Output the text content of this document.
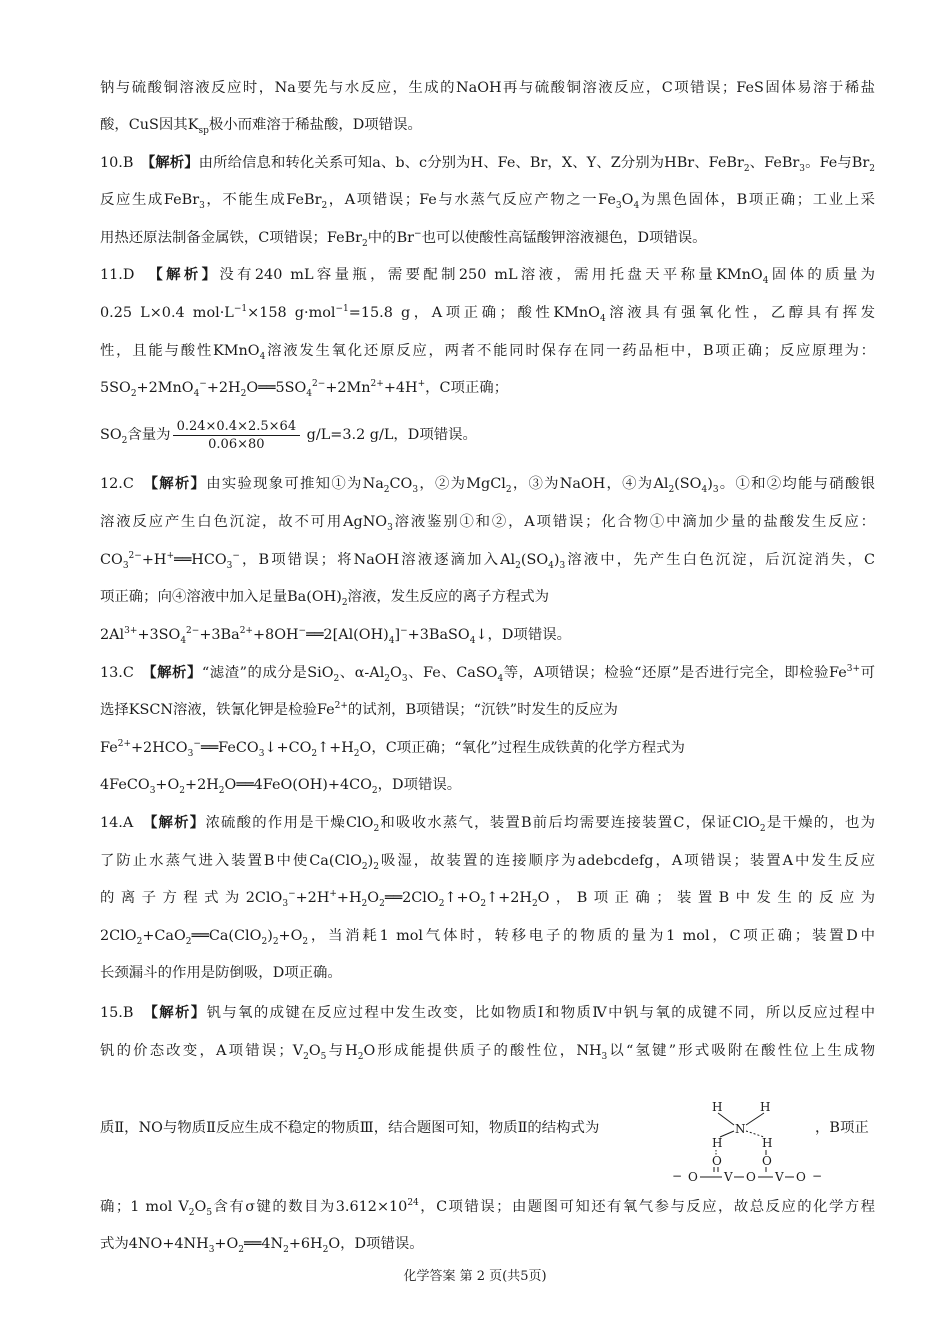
钠与硫酸铜溶液反应时，Na要先与水反应，生成的NaOH再与硫酸铜溶液反应，C项错误；FeS固体易溶于稀盐
酸，CuS因其$K_{sp}$极小而难溶于稀盐酸，D项错误。
10.B　 【解析】由所给信息和转化关系可知a、b、c分别为H、Fe、Br，X、Y、Z分别为HBr、FeBr$_2$、FeBr$_3$。Fe与$Br_2$
反应生成FeBr$_3$，不能生成FeBr$_2$，A项错误；Fe与水蒸气反应产物之一$Fe_3O_4$为黑色固体，B项正确；工业上采
用热还原法制备金属铁，C项错误；FeBr$_2$中的Br−也可以使酸性高锰酸钾溶液褪色，D项错误。
11.D　 【解析】没有240 mL容量瓶，需要配制250 mL溶液，需用托盘天平称量KMnO$_4$固体的质量为
0.25 L×0.4 $mol\cdot L^{-1}\times 158$ g·mol$^{-1}$=15.8 g，A项正确；酸性KMnO$_4$溶液具有强氧化性，乙醇具有挥发
性，且能与酸性KMnO$_4$溶液发生氧化还原反应，两者不能同时保存在同一药品柜中，B项正确；反应原理为：
$5SO_2+2MnO_4^-+2H_2O══5SO_4^{2-}+2Mn^{2+}+4H^+$，C项正确；
$SO_2$含量为 $\frac{0.24\times 0.4\times 2.5\times 64}{0.06\times 80} g/L=3.2$ g/L，D项错误。
12.C　 【解析】由实验现象可推知①为$Na_2CO_3$，②为MgCl$_2$，③为NaOH，④为$Al_2(SO_4)_3$。①和②均能与硝酸银
溶液反应产生白色沉淀，故不可用AgNO$_3$溶液鉴别①和②，A项错误；化合物①中滴加少量的盐酸发生反应：
$CO_3^{2-}+H^+══HCO_3^-$，B项错误；将NaOH溶液逐滴加入$Al_2(SO_4)_3$溶液中，先产生白色沉淀，后沉淀消失，C
项正确；向④溶液中加入足量$Ba(OH)_2$溶液，发生反应的离子方程式为
$2Al^{3+}+3SO_4^{2-}+3Ba^{2+}+8OH^-══2[Al(OH)_4]^-+3BaSO_4↓$，D项错误。
13.C　 【解析】“滤渣”的成分是SiO$_2$、$\alpha-Al_2O_3$、Fe、CaSO$_4$等，A项错误；检验“还原”是否进行完全，即检验$Fe^{3+}$可
选择KSCN溶液，铁氰化钾是检验$Fe^{2+}$的试剂，B项错误；“沉铁”时发生的反应为
$Fe^{2+}+2HCO_3^-══FeCO_3↓+CO_2↑+H_2O$，C项正确；“氧化”过程生成铁黄的化学方程式为
$4FeCO_3+O_2+2H_2O══4FeO(OH)+4CO_2$，D项错误。
14.A　 【解析】浓硫酸的作用是干燥ClO$_2$和吸收水蒸气，装置B前后均需要连接装置C，保证ClO$_2$是干燥的，也为
了防止水蒸气进入装置B中使$Ca(ClO_2)_2$吸湿，故装置的连接顺序为adebcdefg，A项错误；装置A中发生反应
的离子方程式为$2ClO_3^-+2H^++H_2O_2══2ClO_2↑+O_2↑+2H_2O$，B项正确；装置B中发生的反应为
$2ClO_2+CaO_2══Ca(ClO_2)_2+O_2$，当消耗1 mol气体时，转移电子的物质的量为1 mol，C项正确；装置D中
长颈漏斗的作用是防倒吸，D项正确。
15.B　 【解析】钒与氧的成键在反应过程中发生改变，比如物质Ⅰ和物质Ⅳ中钒与氧的成键不同，所以反应过程中
钒的价态改变，A项错误；$V_2O_5$与$H_2O$形成能提供质子的酸性位，$NH_3$以“氢键”形式吸附在酸性位上生成物
质Ⅱ，NO与物质Ⅱ反应生成不稳定的物质Ⅲ，结合题图可知，物质Ⅱ的结构式为	，B项正
H	H
N
H	H
O	O
V	V
O	O	O
−	−
确；1 mol $V_2O_5$含有σ键的数目为$3.612\times 10^{24}$，C项错误；由题图可知还有氧气参与反应，故总反应的化学方程
式为$4NO+4NH_3+O_2══4N_2+6H_2O$，D项错误。
化学答案 第 2 页(共5页)
